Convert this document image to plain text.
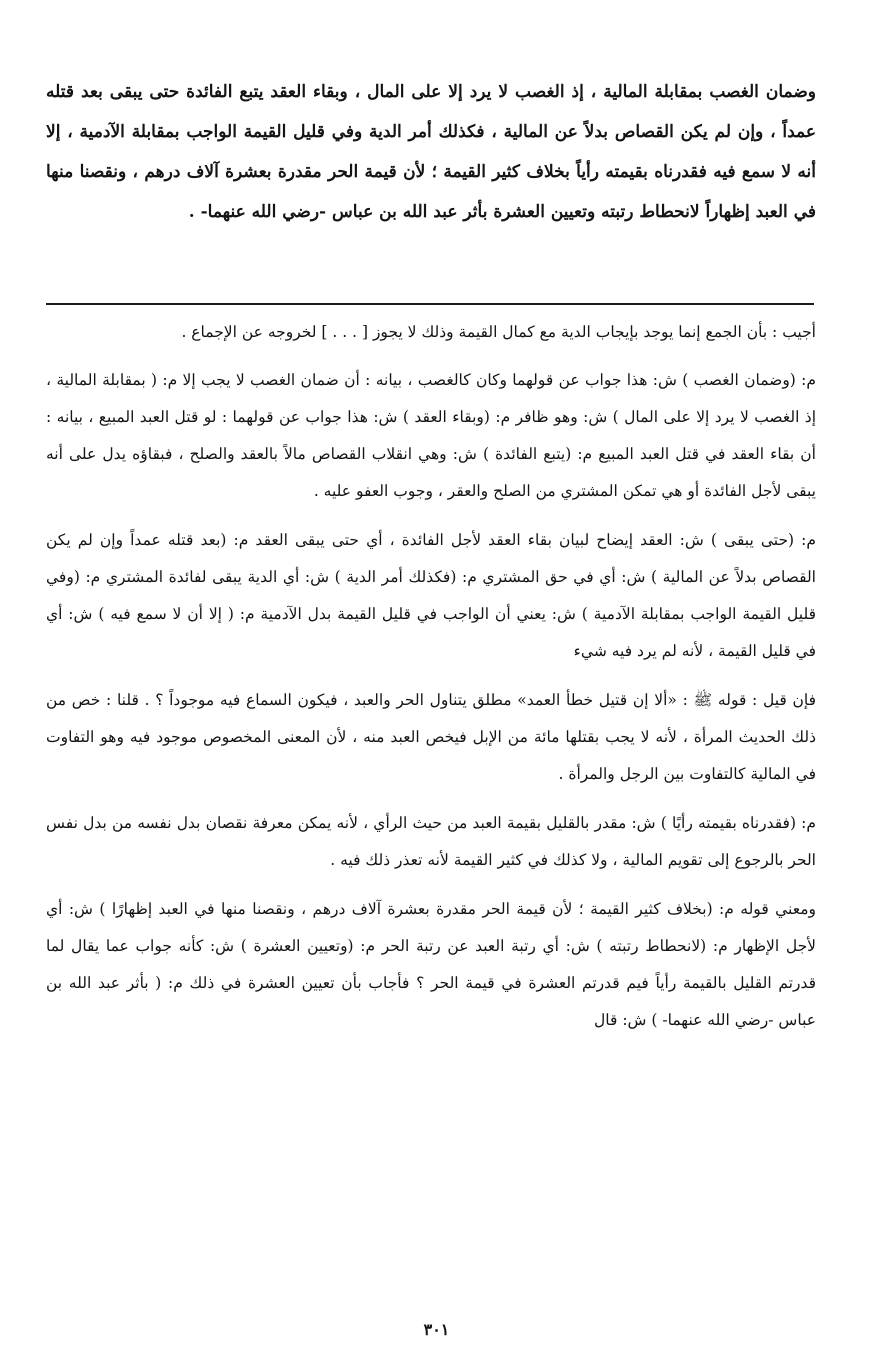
وضمان الغصب بمقابلة المالية ، إذ الغصب لا يرد إلا على المال ، وبقاء العقد يتبع الفائدة حتى يبقى بعد قتله عمداً ، وإن لم يكن القصاص بدلاً عن المالية ، فكذلك أمر الدية وفي قليل القيمة الواجب بمقابلة الآدمية ، إلا أنه لا سمع فيه فقدرناه بقيمته رأياً بخلاف كثير القيمة ؛ لأن قيمة الحر مقدرة بعشرة آلاف درهم ، ونقصنا منها في العبد إظهاراً لانحطاط رتبته وتعيين العشرة بأثر عبد الله بن عباس -رضي الله عنهما- .

أجيب : بأن الجمع إنما يوجد بإيجاب الدية مع كمال القيمة وذلك لا يجوز [ . . . ] لخروجه عن الإجماع .

م: (وضمان الغصب ) ش: هذا جواب عن قولهما وكان كالغصب ، بيانه : أن ضمان الغصب لا يجب إلا م: ( بمقابلة المالية ، إذ الغصب لا يرد إلا على المال ) ش: وهو ظافر م: (وبقاء العقد ) ش: هذا جواب عن قولهما : لو قتل العبد المبيع ، بيانه : أن بقاء العقد في قتل العبد المبيع م: (يتبع الفائدة ) ش: وهي انقلاب القصاص مالاً بالعقد والصلح ، فبقاؤه يدل على أنه يبقى لأجل الفائدة أو هي تمكن المشتري من الصلح والعقر ، وجوب العفو عليه .

م: (حتى يبقى ) ش: العقد إيضاح لبيان بقاء العقد لأجل الفائدة ، أي حتى يبقى العقد م: (بعد قتله عمداً وإن لم يكن القصاص بدلاً عن المالية ) ش: أي في حق المشتري م: (فكذلك أمر الدية ) ش: أي الدية يبقى لفائدة المشتري م: (وفي قليل القيمة الواجب بمقابلة الآدمية ) ش: يعني أن الواجب في قليل القيمة بدل الآدمية م: ( إلا أن لا سمع فيه ) ش: أي في قليل القيمة ، لأنه لم يرد فيه شيء

فإن قيل : قوله ﷺ : «ألا إن قتيل خطأ العمد» مطلق يتناول الحر والعبد ، فيكون السماع فيه موجوداً ؟ . قلنا : خص من ذلك الحديث المرأة ، لأنه لا يجب بقتلها مائة من الإبل فيخص العبد منه ، لأن المعنى المخصوص موجود فيه وهو التفاوت في المالية كالتفاوت بين الرجل والمرأة .

م: (فقدرناه بقيمته رأيًا ) ش: مقدر بالقليل بقيمة العبد من حيث الرأي ، لأنه يمكن معرفة نقصان بدل نفسه من بدل نفس الحر بالرجوع إلى تقويم المالية ، ولا كذلك في كثير القيمة لأنه تعذر ذلك فيه .

ومعني قوله م: (بخلاف كثير القيمة ؛ لأن قيمة الحر مقدرة بعشرة آلاف درهم ، ونقصنا منها في العبد إظهارًا ) ش: أي لأجل الإظهار م: (لانحطاط رتبته ) ش: أي رتبة العبد عن رتبة الحر م: (وتعيين العشرة ) ش: كأنه جواب عما يقال لما قدرتم القليل بالقيمة رأياً فيم قدرتم العشرة في قيمة الحر ؟ فأجاب بأن تعيين العشرة في ذلك م: ( بأثر عبد الله بن عباس -رضي الله عنهما- ) ش: قال

٣٠١
